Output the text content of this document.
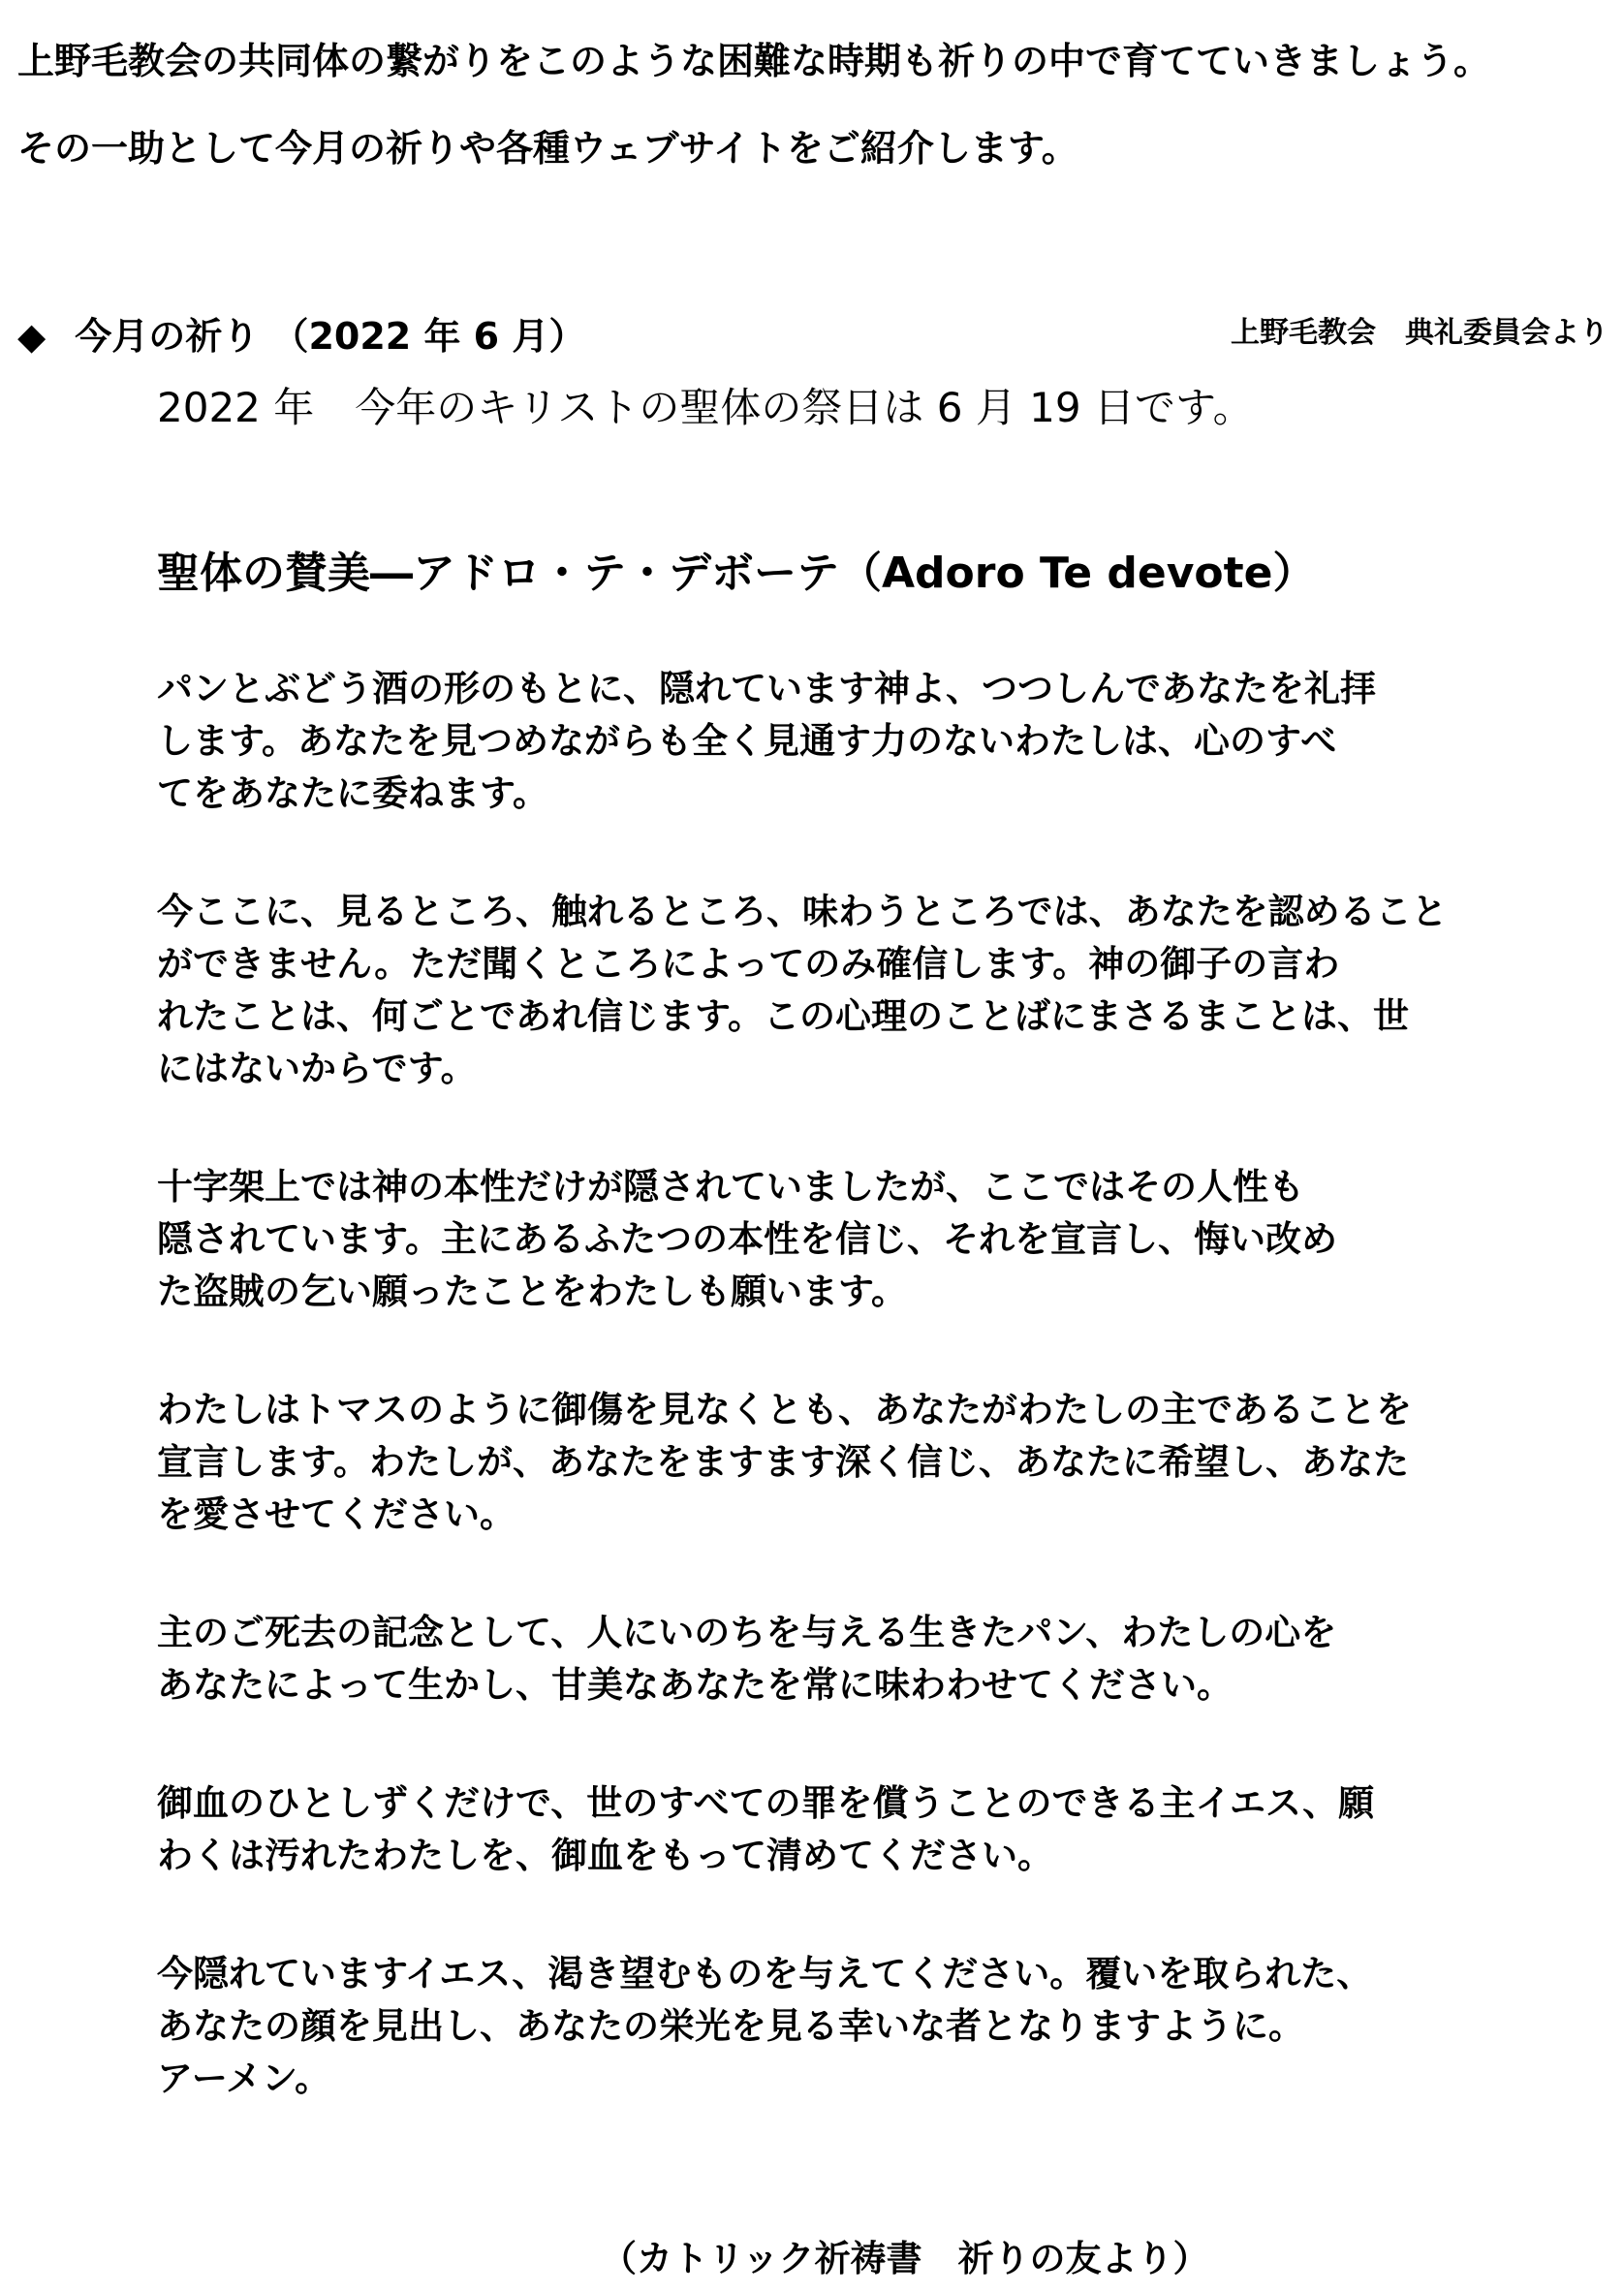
上野毛教会の共同体の繋がりをこのような困難な時期も祈りの中で育てていきましょう。
その一助として今月の祈りや各種ウェブサイトをご紹介します。
◆ 今月の祈り （2022 年 6 月）	上野毛教会　典礼委員会より
2022 年　今年のキリストの聖体の祭日は 6 月 19 日です。
聖体の賛美―アドロ・テ・デボーテ（Adoro Te devote）
パンとぶどう酒の形のもとに、隠れています神よ、つつしんであなたを礼拝
します。あなたを見つめながらも全く見通す力のないわたしは、心のすべ
てをあなたに委ねます。
今ここに、見るところ、触れるところ、味わうところでは、あなたを認めること
ができません。ただ聞くところによってのみ確信します。神の御子の言わ
れたことは、何ごとであれ信じます。この心理のことばにまさるまことは、世
にはないからです。
十字架上では神の本性だけが隠されていましたが、ここではその人性も
隠されています。主にあるふたつの本性を信じ、それを宣言し、悔い改め
た盗賊の乞い願ったことをわたしも願います。
わたしはトマスのように御傷を見なくとも、あなたがわたしの主であることを
宣言します。わたしが、あなたをますます深く信じ、あなたに希望し、あなた
を愛させてください。
主のご死去の記念として、人にいのちを与える生きたパン、わたしの心を
あなたによって生かし、甘美なあなたを常に味わわせてください。
御血のひとしずくだけで、世のすべての罪を償うことのできる主イエス、願
わくは汚れたわたしを、御血をもって清めてください。
今隠れていますイエス、渇き望むものを与えてください。覆いを取られた、
あなたの顔を見出し、あなたの栄光を見る幸いな者となりますように。
アーメン。
（カトリック祈祷書　祈りの友より）
